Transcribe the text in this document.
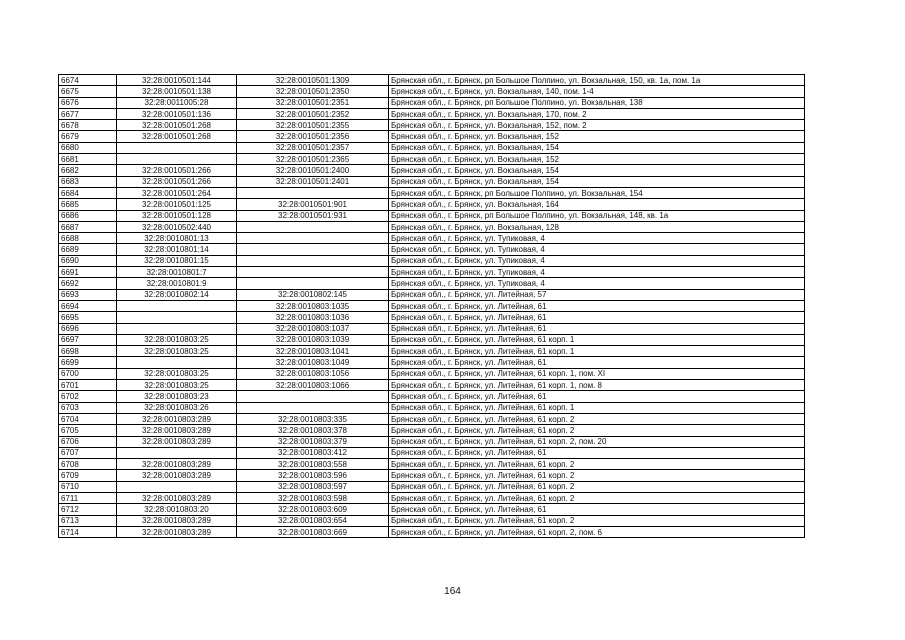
6674	32:28:0010501:144	32:28:0010501:1309	Брянская обл., г. Брянск, рп Большое Полпино, ул. Вокзальная, 150, кв. 1а, пом. 1а
6675	32:28:0010501:138	32:28:0010501:2350	Брянская обл., г. Брянск, ул. Вокзальная, 140, пом. 1-4
6676	32:28:0011005:28	32:28:0010501:2351	Брянская обл., г. Брянск, рп Большое Полпино, ул. Вокзальная, 138
6677	32:28:0010501:136	32:28:0010501:2352	Брянская обл., г. Брянск, ул. Вокзальная, 170, пом. 2
6678	32:28:0010501:268	32:28:0010501:2355	Брянская обл., г. Брянск, ул. Вокзальная, 152, пом. 2
6679	32:28:0010501:268	32:28:0010501:2356	Брянская обл., г. Брянск, ул. Вокзальная, 152
6680		32:28:0010501:2357	Брянская обл., г. Брянск, ул. Вокзальная, 154
6681		32:28:0010501:2365	Брянская обл., г. Брянск, ул. Вокзальная, 152
6682	32:28:0010501:266	32:28:0010501:2400	Брянская обл., г. Брянск, ул. Вокзальная, 154
6683	32:28:0010501:266	32:28:0010501:2401	Брянская обл., г. Брянск, ул. Вокзальная, 154
6684	32:28:0010501:264		Брянская обл., г. Брянск, рп Большое Полпино, ул. Вокзальная, 154
6685	32:28:0010501:125	32:28:0010501:901	Брянская обл., г. Брянск, ул. Вокзальная, 164
6686	32:28:0010501:128	32:28:0010501:931	Брянская обл., г. Брянск, рп Большое Полпино, ул. Вокзальная, 148, кв. 1а
6687	32:28:0010502:440		Брянская обл., г. Брянск, ул. Вокзальная, 128
6688	32:28:0010801:13		Брянская обл., г. Брянск, ул. Тупиковая, 4
6689	32:28:0010801:14		Брянская обл., г. Брянск, ул. Тупиковая, 4
6690	32:28:0010801:15		Брянская обл., г. Брянск, ул. Тупиковая, 4
6691	32:28:0010801:7		Брянская обл., г. Брянск, ул. Тупиковая, 4
6692	32:28:0010801:9		Брянская обл., г. Брянск, ул. Тупиковая, 4
6693	32:28:0010802:14	32:28:0010802:145	Брянская обл., г. Брянск, ул. Литейная, 57
6694		32:28:0010803:1035	Брянская обл., г. Брянск, ул. Литейная, 61
6695		32:28:0010803:1036	Брянская обл., г. Брянск, ул. Литейная, 61
6696		32:28:0010803:1037	Брянская обл., г. Брянск, ул. Литейная, 61
6697	32:28:0010803:25	32:28:0010803:1039	Брянская обл., г. Брянск, ул. Литейная, 61 корп. 1
6698	32:28:0010803:25	32:28:0010803:1041	Брянская обл., г. Брянск, ул. Литейная, 61 корп. 1
6699		32:28:0010803:1049	Брянская обл., г. Брянск, ул. Литейная, 61
6700	32:28:0010803:25	32:28:0010803:1056	Брянская обл., г. Брянск, ул. Литейная, 61 корп. 1, пом. XI
6701	32:28:0010803:25	32:28:0010803:1066	Брянская обл., г. Брянск, ул. Литейная, 61 корп. 1, пом. 8
6702	32:28:0010803:23		Брянская обл., г. Брянск, ул. Литейная, 61
6703	32:28:0010803:26		Брянская обл., г. Брянск, ул. Литейная, 61 корп. 1
6704	32:28:0010803:289	32:28:0010803:335	Брянская обл., г. Брянск, ул. Литейная, 61 корп. 2
6705	32:28:0010803:289	32:28:0010803:378	Брянская обл., г. Брянск, ул. Литейная, 61 корп. 2
6706	32:28:0010803:289	32:28:0010803:379	Брянская обл., г. Брянск, ул. Литейная, 61 корп. 2, пом. 20
6707		32:28:0010803:412	Брянская обл., г. Брянск, ул. Литейная, 61
6708	32:28:0010803:289	32:28:0010803:558	Брянская обл., г. Брянск, ул. Литейная, 61 корп. 2
6709	32:28:0010803:289	32:28:0010803:596	Брянская обл., г. Брянск, ул. Литейная, 61 корп. 2
6710		32:28:0010803:597	Брянская обл., г. Брянск, ул. Литейная, 61 корп. 2
6711	32:28:0010803:289	32:28:0010803:598	Брянская обл., г. Брянск, ул. Литейная, 61 корп. 2
6712	32:28:0010803:20	32:28:0010803:609	Брянская обл., г. Брянск, ул. Литейная, 61
6713	32:28:0010803:289	32:28:0010803:654	Брянская обл., г. Брянск, ул. Литейная, 61 корп. 2
6714	32:28:0010803:289	32:28:0010803:669	Брянская обл., г. Брянск, ул. Литейная, 61 корп. 2, пом. 6
164
